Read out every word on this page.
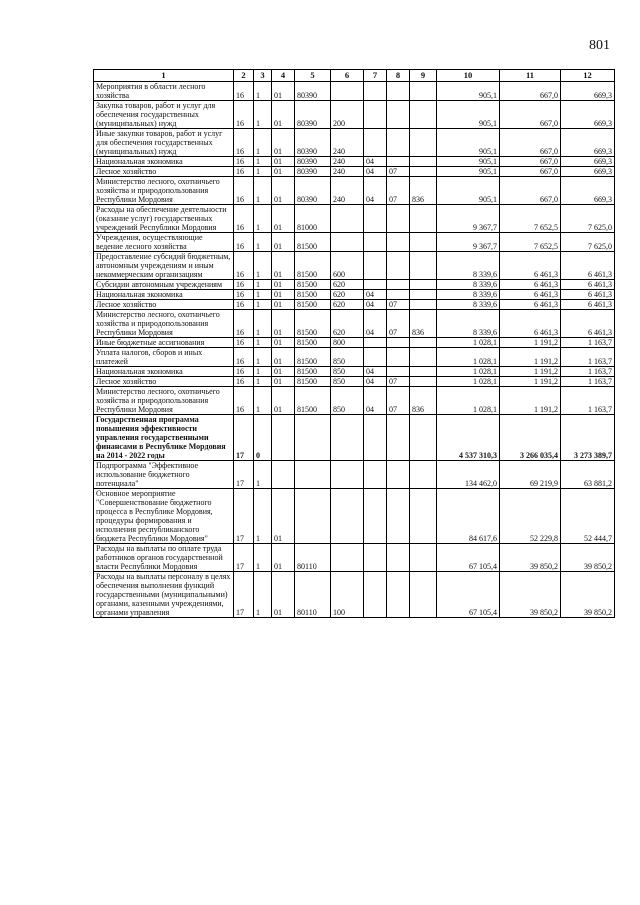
801
1	2	3	4	5	6	7	8	9	10	11	12
Мероприятия в области лесного хозяйства	16	1	01	80390					905,1	667,0	669,3
Закупка товаров, работ и услуг для обеспечения государственных (муниципальных) нужд	16	1	01	80390	200				905,1	667,0	669,3
Иные закупки товаров, работ и услуг для обеспечения государственных (муниципальных) нужд	16	1	01	80390	240				905,1	667,0	669,3
Национальная экономика	16	1	01	80390	240	04			905,1	667,0	669,3
Лесное хозяйство	16	1	01	80390	240	04	07		905,1	667,0	669,3
Министерство лесного, охотничьего хозяйства и природопользования Республики Мордовия	16	1	01	80390	240	04	07	836	905,1	667,0	669,3
Расходы на обеспечение деятельности (оказание услуг) государственных учреждений Республики Мордовия	16	1	01	81000					9 367,7	7 652,5	7 625,0
Учреждения, осуществляющие ведение лесного хозяйства	16	1	01	81500					9 367,7	7 652,5	7 625,0
Предоставление субсидий бюджетным, автономным учреждениям и иным некоммерческим организациям	16	1	01	81500	600				8 339,6	6 461,3	6 461,3
Субсидии автономным учреждениям	16	1	01	81500	620				8 339,6	6 461,3	6 461,3
Национальная экономика	16	1	01	81500	620	04			8 339,6	6 461,3	6 461,3
Лесное хозяйство	16	1	01	81500	620	04	07		8 339,6	6 461,3	6 461,3
Министерство лесного, охотничьего хозяйства и природопользования Республики Мордовия	16	1	01	81500	620	04	07	836	8 339,6	6 461,3	6 461,3
Иные бюджетные ассигнования	16	1	01	81500	800				1 028,1	1 191,2	1 163,7
Уплата налогов, сборов и иных платежей	16	1	01	81500	850				1 028,1	1 191,2	1 163,7
Национальная экономика	16	1	01	81500	850	04			1 028,1	1 191,2	1 163,7
Лесное хозяйство	16	1	01	81500	850	04	07		1 028,1	1 191,2	1 163,7
Министерство лесного, охотничьего хозяйства и природопользования Республики Мордовия	16	1	01	81500	850	04	07	836	1 028,1	1 191,2	1 163,7
Государственная программа повышения эффективности управления государственными финансами в Республике Мордовия на 2014 - 2022 годы	17	0							4 537 310,3	3 266 035,4	3 273 389,7
Подпрограмма "Эффективное использование бюджетного потенциала"	17	1							134 462,0	69 219,9	63 881,2
Основное мероприятие "Совершенствование бюджетного процесса в Республике Мордовия, процедуры формирования и исполнения республиканского бюджета Республики Мордовия"	17	1	01						84 617,6	52 229,8	52 444,7
Расходы на выплаты по оплате труда работников органов государственной власти Республики Мордовия	17	1	01	80110					67 105,4	39 850,2	39 850,2
Расходы на выплаты персоналу в целях обеспечения выполнения функций государственными (муниципальными) органами, казенными учреждениями, органами управления	17	1	01	80110	100				67 105,4	39 850,2	39 850,2
